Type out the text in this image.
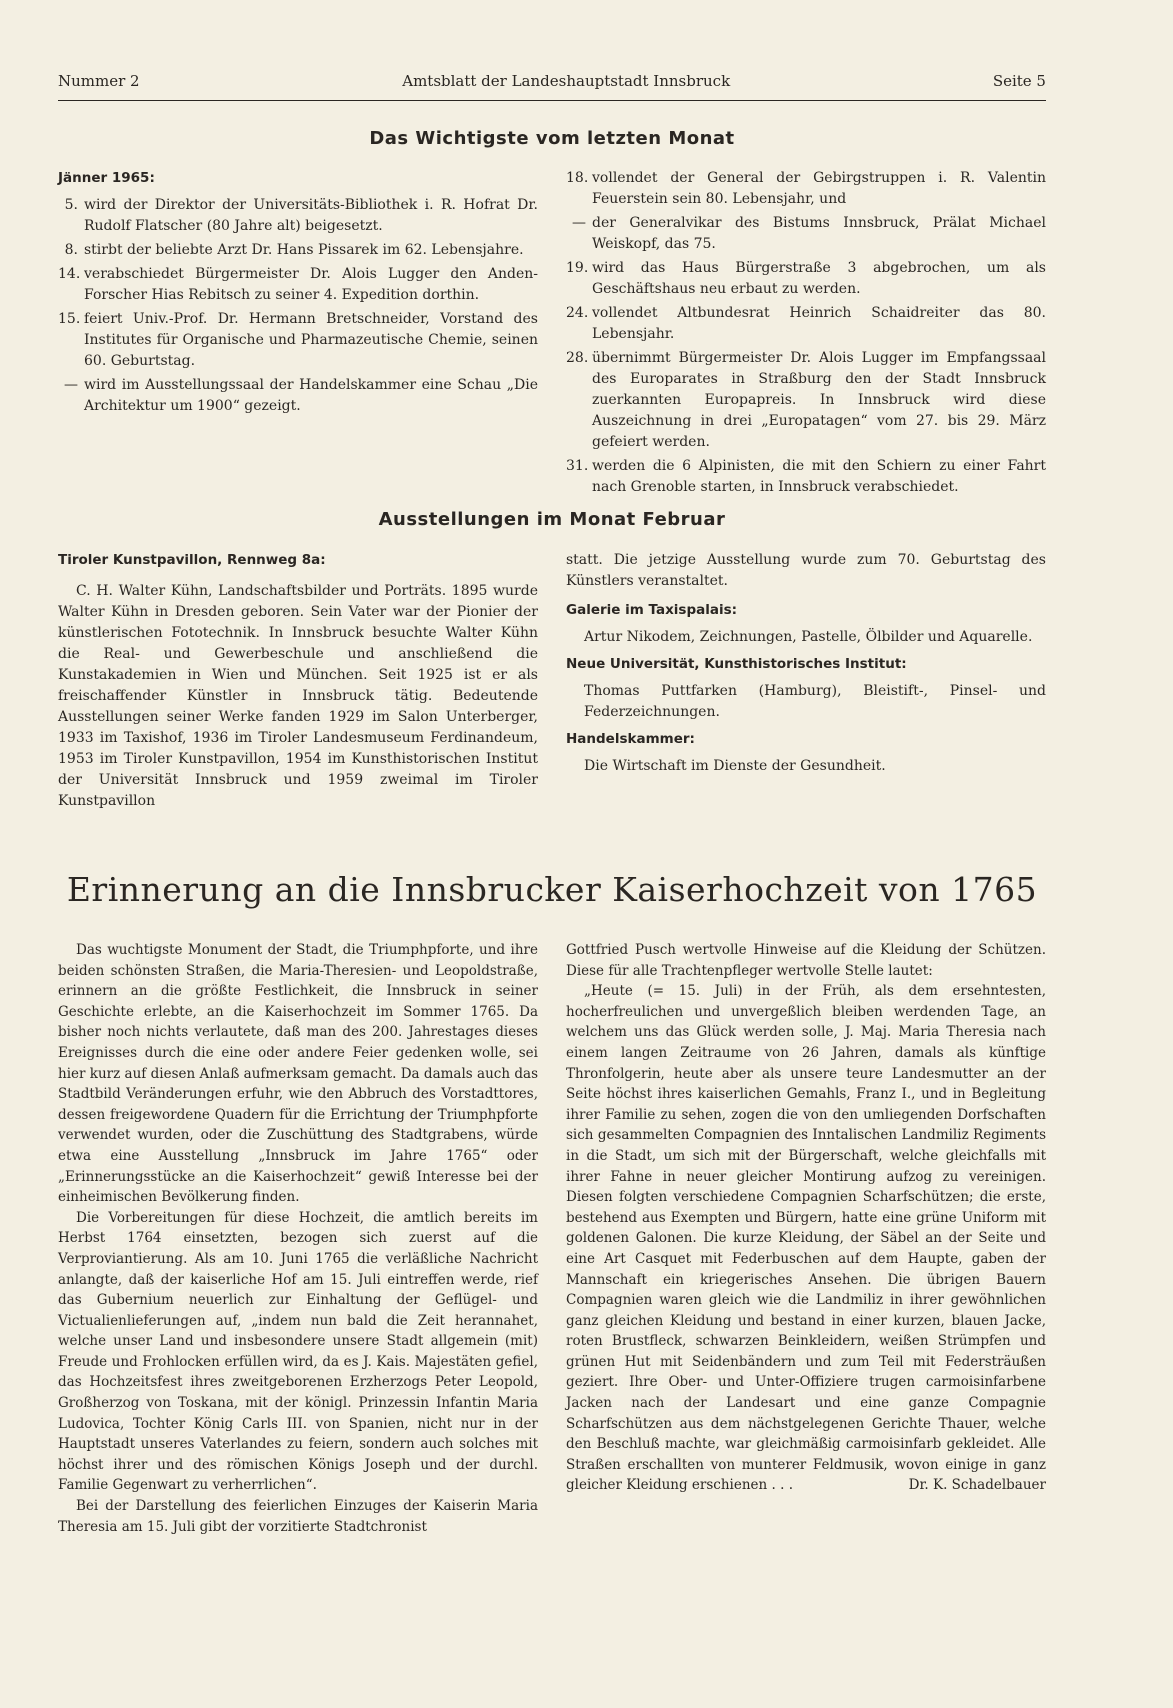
Nummer 2	Amtsblatt der Landeshauptstadt Innsbruck	Seite 5
Das Wichtigste vom letzten Monat
Jänner 1965:
5. wird der Direktor der Universitäts-Bibliothek i. R. Hofrat Dr. Rudolf Flatscher (80 Jahre alt) beigesetzt.
8. stirbt der beliebte Arzt Dr. Hans Pissarek im 62. Lebensjahre.
14. verabschiedet Bürgermeister Dr. Alois Lugger den Anden-Forscher Hias Rebitsch zu seiner 4. Expedition dorthin.
15. feiert Univ.-Prof. Dr. Hermann Bretschneider, Vorstand des Institutes für Organische und Pharmazeutische Chemie, seinen 60. Geburtstag.
— wird im Ausstellungssaal der Handelskammer eine Schau „Die Architektur um 1900“ gezeigt.
18. vollendet der General der Gebirgstruppen i. R. Valentin Feuerstein sein 80. Lebensjahr, und
— der Generalvikar des Bistums Innsbruck, Prälat Michael Weiskopf, das 75.
19. wird das Haus Bürgerstraße 3 abgebrochen, um als Geschäftshaus neu erbaut zu werden.
24. vollendet Altbundesrat Heinrich Schaidreiter das 80. Lebensjahr.
28. übernimmt Bürgermeister Dr. Alois Lugger im Empfangssaal des Europarates in Straßburg den der Stadt Innsbruck zuerkannten Europapreis. In Innsbruck wird diese Auszeichnung in drei „Europatagen“ vom 27. bis 29. März gefeiert werden.
31. werden die 6 Alpinisten, die mit den Schiern zu einer Fahrt nach Grenoble starten, in Innsbruck verabschiedet.
Ausstellungen im Monat Februar
Tiroler Kunstpavillon, Rennweg 8a:

C. H. Walter Kühn, Landschaftsbilder und Porträts. 1895 wurde Walter Kühn in Dresden geboren. Sein Vater war der Pionier der künstlerischen Fototechnik. In Innsbruck besuchte Walter Kühn die Real- und Gewerbeschule und anschließend die Kunstakademien in Wien und München. Seit 1925 ist er als freischaffender Künstler in Innsbruck tätig. Bedeutende Ausstellungen seiner Werke fanden 1929 im Salon Unterberger, 1933 im Taxishof, 1936 im Tiroler Landesmuseum Ferdinandeum, 1953 im Tiroler Kunstpavillon, 1954 im Kunsthistorischen Institut der Universität Innsbruck und 1959 zweimal im Tiroler Kunstpavillon

statt. Die jetzige Ausstellung wurde zum 70. Geburtstag des Künstlers veranstaltet.

Galerie im Taxispalais:

Artur Nikodem, Zeichnungen, Pastelle, Ölbilder und Aquarelle.

Neue Universität, Kunsthistorisches Institut:

Thomas Puttfarken (Hamburg), Bleistift-, Pinsel- und Federzeichnungen.

Handelskammer:

Die Wirtschaft im Dienste der Gesundheit.

Erinnerung an die Innsbrucker Kaiserhochzeit von 1765

Das wuchtigste Monument der Stadt, die Triumphpforte, und ihre beiden schönsten Straßen, die Maria-Theresien- und Leopoldstraße, erinnern an die größte Festlichkeit, die Innsbruck in seiner Geschichte erlebte, an die Kaiserhochzeit im Sommer 1765. Da bisher noch nichts verlautete, daß man des 200. Jahrestages dieses Ereignisses durch die eine oder andere Feier gedenken wolle, sei hier kurz auf diesen Anlaß aufmerksam gemacht. Da damals auch das Stadtbild Veränderungen erfuhr, wie den Abbruch des Vorstadttores, dessen freigewordene Quadern für die Errichtung der Triumphpforte verwendet wurden, oder die Zuschüttung des Stadtgrabens, würde etwa eine Ausstellung „Innsbruck im Jahre 1765“ oder „Erinnerungsstücke an die Kaiserhochzeit“ gewiß Interesse bei der einheimischen Bevölkerung finden.

Die Vorbereitungen für diese Hochzeit, die amtlich bereits im Herbst 1764 einsetzten, bezogen sich zuerst auf die Verproviantierung. Als am 10. Juni 1765 die verläßliche Nachricht anlangte, daß der kaiserliche Hof am 15. Juli eintreffen werde, rief das Gubernium neuerlich zur Einhaltung der Geflügel- und Victualienlieferungen auf, „indem nun bald die Zeit herannahet, welche unser Land und insbesondere unsere Stadt allgemein (mit) Freude und Frohlocken erfüllen wird, da es J. Kais. Majestäten gefiel, das Hochzeitsfest ihres zweitgeborenen Erzherzogs Peter Leopold, Großherzog von Toskana, mit der königl. Prinzessin Infantin Maria Ludovica, Tochter König Carls III. von Spanien, nicht nur in der Hauptstadt unseres Vaterlandes zu feiern, sondern auch solches mit höchst ihrer und des römischen Königs Joseph und der durchl. Familie Gegenwart zu verherrlichen“.

Bei der Darstellung des feierlichen Einzuges der Kaiserin Maria Theresia am 15. Juli gibt der vorzitierte Stadtchronist

Gottfried Pusch wertvolle Hinweise auf die Kleidung der Schützen. Diese für alle Trachtenpfleger wertvolle Stelle lautet:

„Heute (= 15. Juli) in der Früh, als dem ersehntesten, hocherfreulichen und unvergeßlich bleiben werdenden Tage, an welchem uns das Glück werden solle, J. Maj. Maria Theresia nach einem langen Zeitraume von 26 Jahren, damals als künftige Thronfolgerin, heute aber als unsere teure Landesmutter an der Seite höchst ihres kaiserlichen Gemahls, Franz I., und in Begleitung ihrer Familie zu sehen, zogen die von den umliegenden Dorfschaften sich gesammelten Compagnien des Inntalischen Landmiliz Regiments in die Stadt, um sich mit der Bürgerschaft, welche gleichfalls mit ihrer Fahne in neuer gleicher Montirung aufzog zu vereinigen. Diesen folgten verschiedene Compagnien Scharfschützen; die erste, bestehend aus Exempten und Bürgern, hatte eine grüne Uniform mit goldenen Galonen. Die kurze Kleidung, der Säbel an der Seite und eine Art Casquet mit Federbuschen auf dem Haupte, gaben der Mannschaft ein kriegerisches Ansehen. Die übrigen Bauern Compagnien waren gleich wie die Landmiliz in ihrer gewöhnlichen ganz gleichen Kleidung und bestand in einer kurzen, blauen Jacke, roten Brustfleck, schwarzen Beinkleidern, weißen Strümpfen und grünen Hut mit Seidenbändern und zum Teil mit Federsträußen geziert. Ihre Ober- und Unter-Offiziere trugen carmoisinfarbene Jacken nach der Landesart und eine ganze Compagnie Scharfschützen aus dem nächstgelegenen Gerichte Thauer, welche den Beschluß machte, war gleichmäßig carmoisinfarb gekleidet. Alle Straßen erschallten von munterer Feldmusik, wovon einige in ganz gleicher Kleidung erschienen . . .	Dr. K. Schadelbauer
